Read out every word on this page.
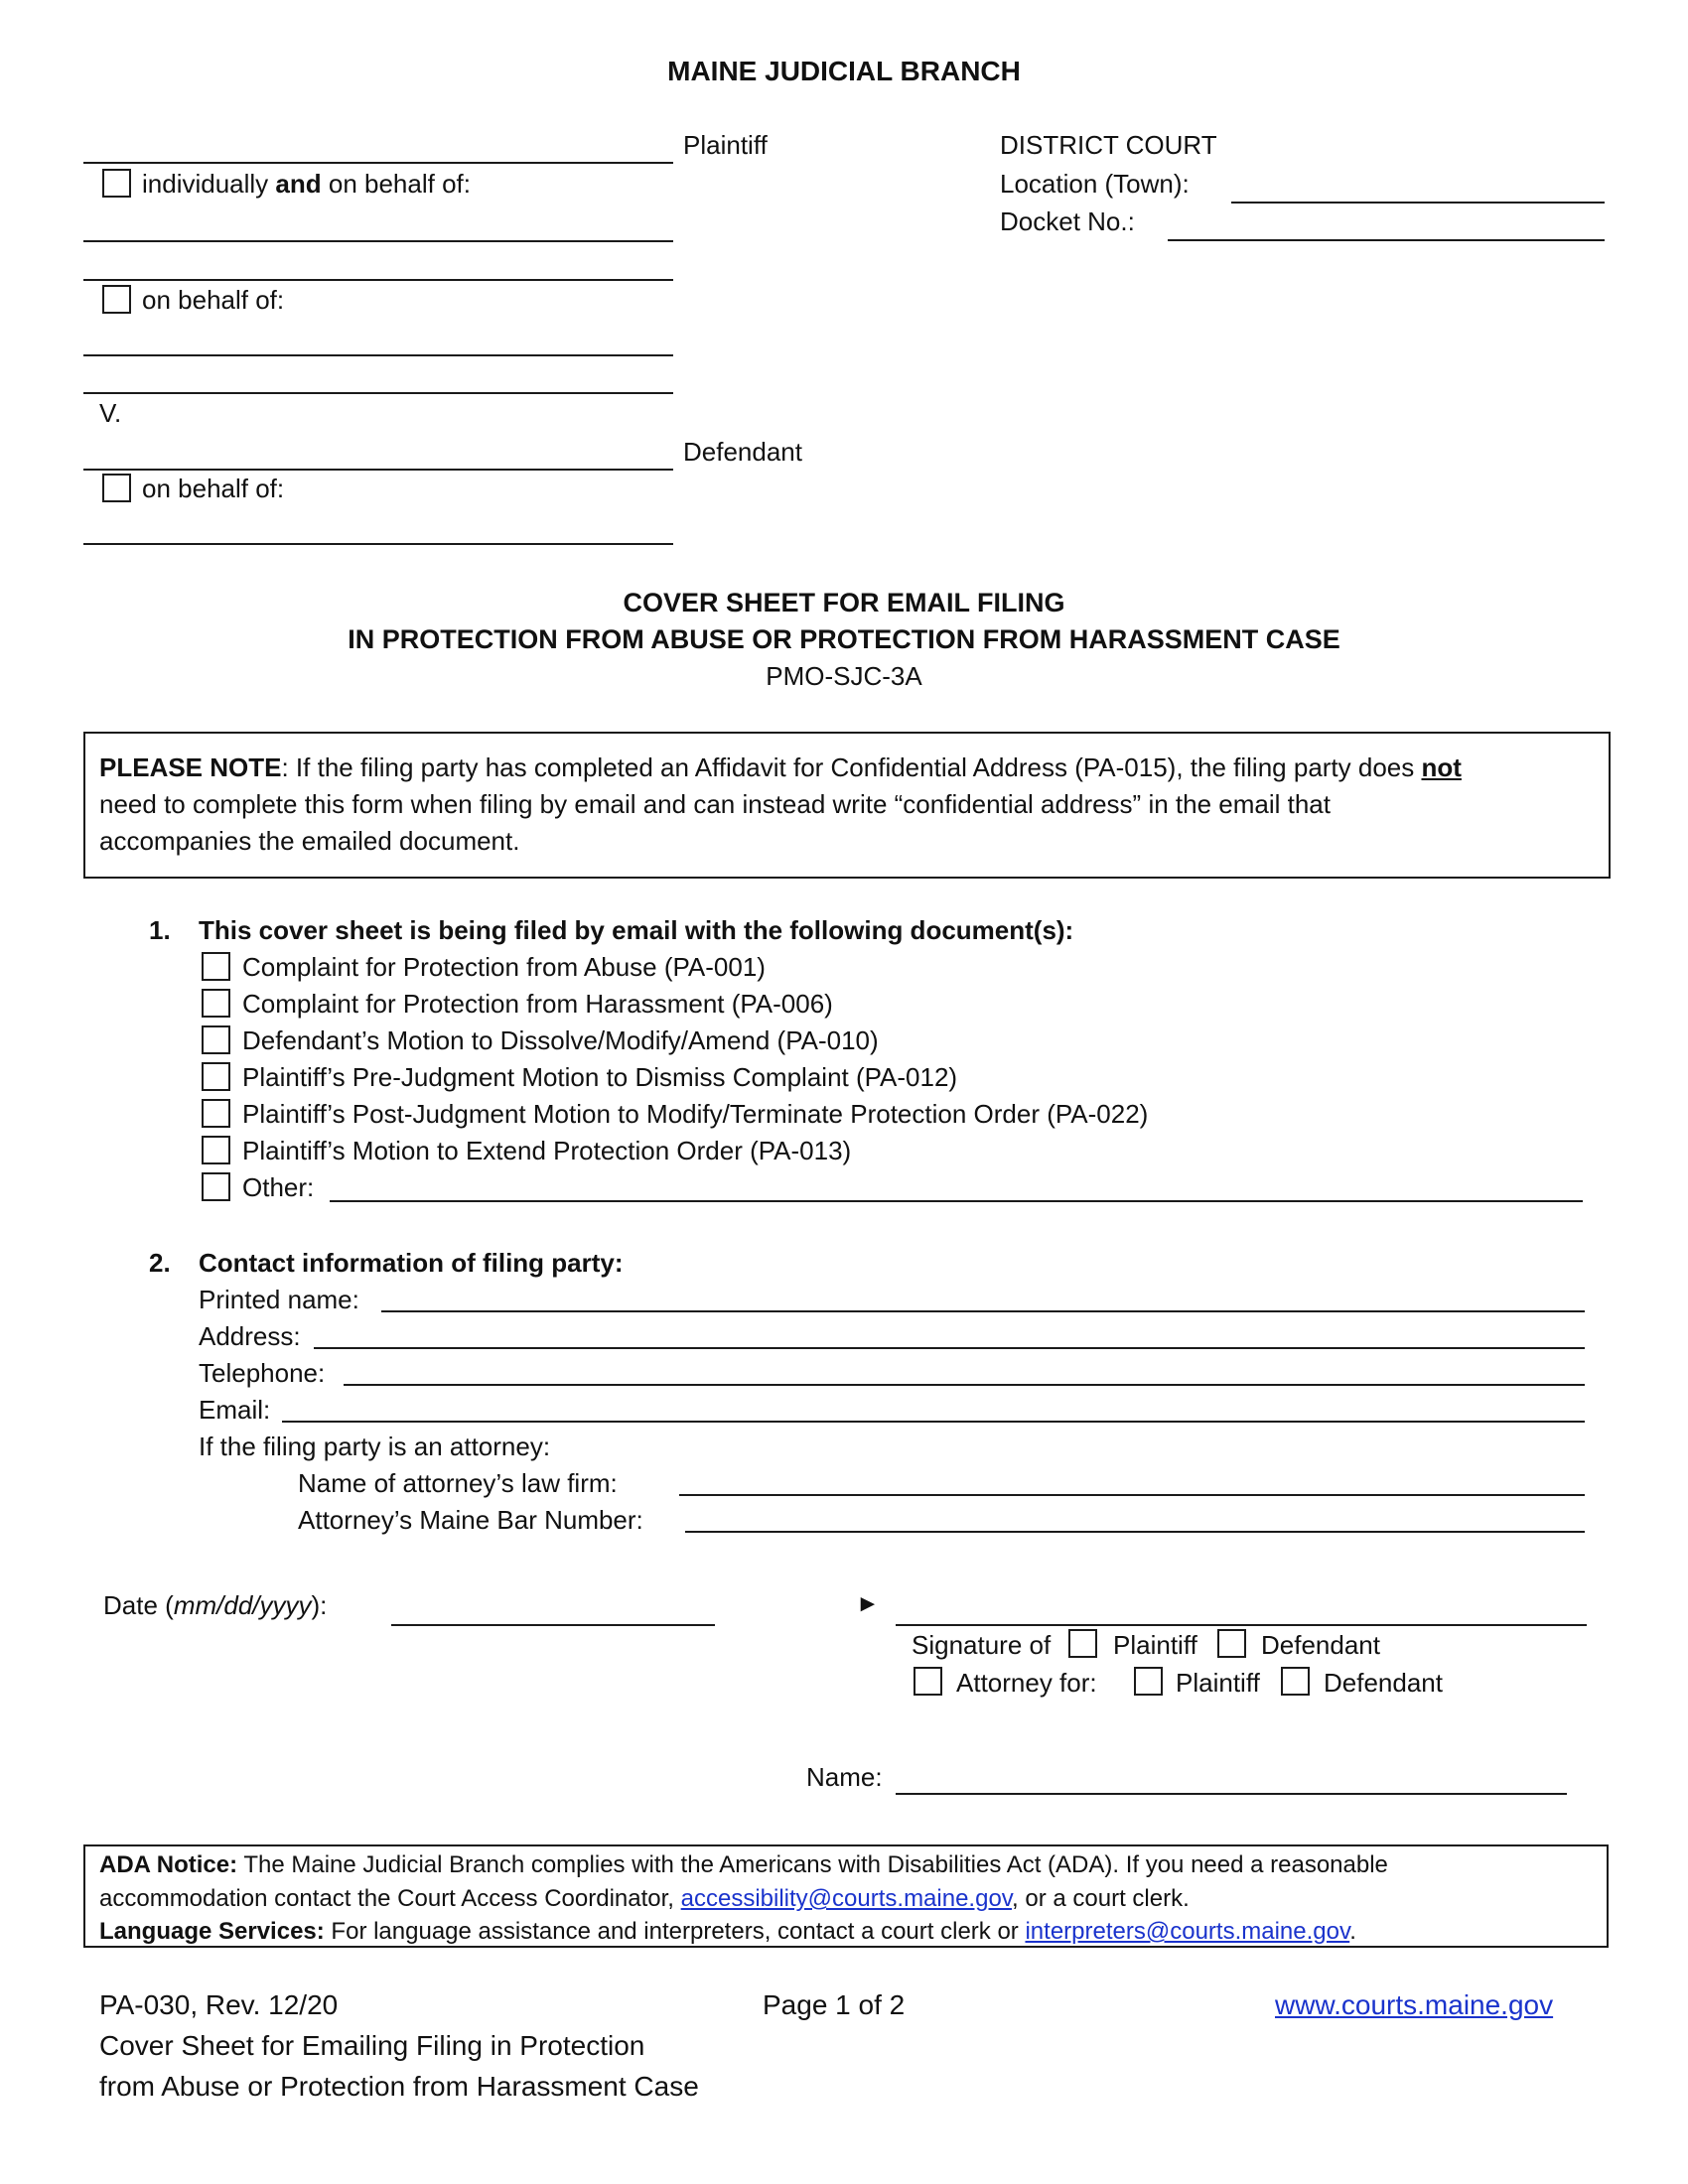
MAINE JUDICIAL BRANCH
Plaintiff
individually and on behalf of:
on behalf of:
V.
Defendant
on behalf of:
DISTRICT COURT
Location (Town):
Docket No.:
COVER SHEET FOR EMAIL FILING
IN PROTECTION FROM ABUSE OR PROTECTION FROM HARASSMENT CASE
PMO-SJC-3A
PLEASE NOTE: If the filing party has completed an Affidavit for Confidential Address (PA-015), the filing party does not
need to complete this form when filing by email and can instead write “confidential address” in the email that
accompanies the emailed document.
1. This cover sheet is being filed by email with the following document(s):
Complaint for Protection from Abuse (PA-001)
Complaint for Protection from Harassment (PA-006)
Defendant’s Motion to Dissolve/Modify/Amend (PA-010)
Plaintiff’s Pre-Judgment Motion to Dismiss Complaint (PA-012)
Plaintiff’s Post-Judgment Motion to Modify/Terminate Protection Order (PA-022)
Plaintiff’s Motion to Extend Protection Order (PA-013)
Other:
2. Contact information of filing party:
Printed name:
Address:
Telephone:
Email:
If the filing party is an attorney:
Name of attorney’s law firm:
Attorney’s Maine Bar Number:
Date (mm/dd/yyyy):	►
Signature of Plaintiff Defendant
Attorney for:	Plaintiff Defendant
Name:
ADA Notice: The Maine Judicial Branch complies with the Americans with Disabilities Act (ADA). If you need a reasonable
accommodation contact the Court Access Coordinator, accessibility@courts.maine.gov, or a court clerk.
Language Services: For language assistance and interpreters, contact a court clerk or interpreters@courts.maine.gov.
PA-030, Rev. 12/20	Page 1 of 2	www.courts.maine.gov
Cover Sheet for Emailing Filing in Protection
from Abuse or Protection from Harassment Case
